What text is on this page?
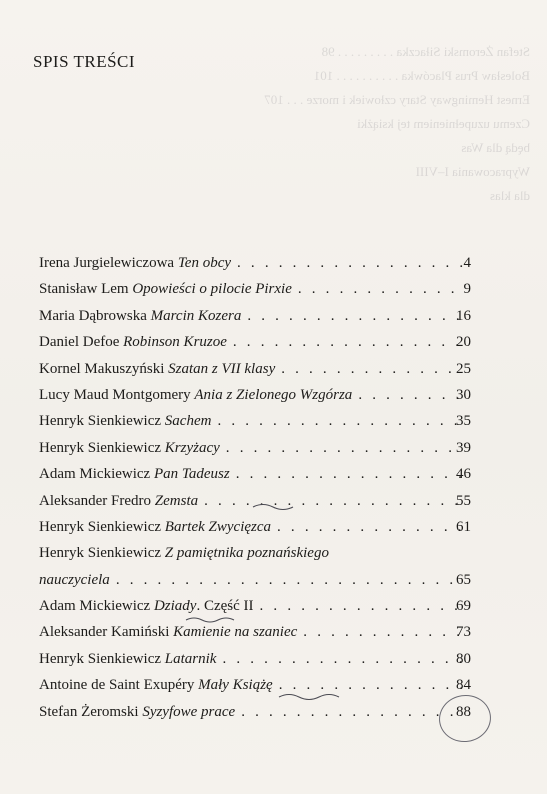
Stefan Żeromski Siłaczka . . . . . . . . . 98
Bolesław Prus Placówka . . . . . . . . . . 101
Ernest Hemingway Stary człowiek i morze . . . 107
Czemu uzupełnieniem tej książki
będą dla Was
Wypracowania I–VIII
dla klas
SPIS TREŚCI
Irena Jurgielewiczowa Ten obcy . . .	4
Stanisław Lem Opowieści o pilocie Pirxie . . .	9
Maria Dąbrowska Marcin Kozera . . .	16
Daniel Defoe Robinson Kruzoe . . .	20
Kornel Makuszyński Szatan z VII klasy . . .	25
Lucy Maud Montgomery Ania z Zielonego Wzgórza . . .	30
Henryk Sienkiewicz Sachem . . .	35
Henryk Sienkiewicz Krzyżacy . . .	39
Adam Mickiewicz Pan Tadeusz . . .	46
Aleksander Fredro Zemsta . . .	55
Henryk Sienkiewicz Bartek Zwycięzca . . .	61
Henryk Sienkiewicz Z pamiętnika poznańskiego
nauczyciela . . .	65
Adam Mickiewicz Dziady. Część II . . .	69
Aleksander Kamiński Kamienie na szaniec . . .	73
Henryk Sienkiewicz Latarnik . . .	80
Antoine de Saint Exupéry Mały Książę . . .	84
Stefan Żeromski Syzyfowe prace . . .	88
